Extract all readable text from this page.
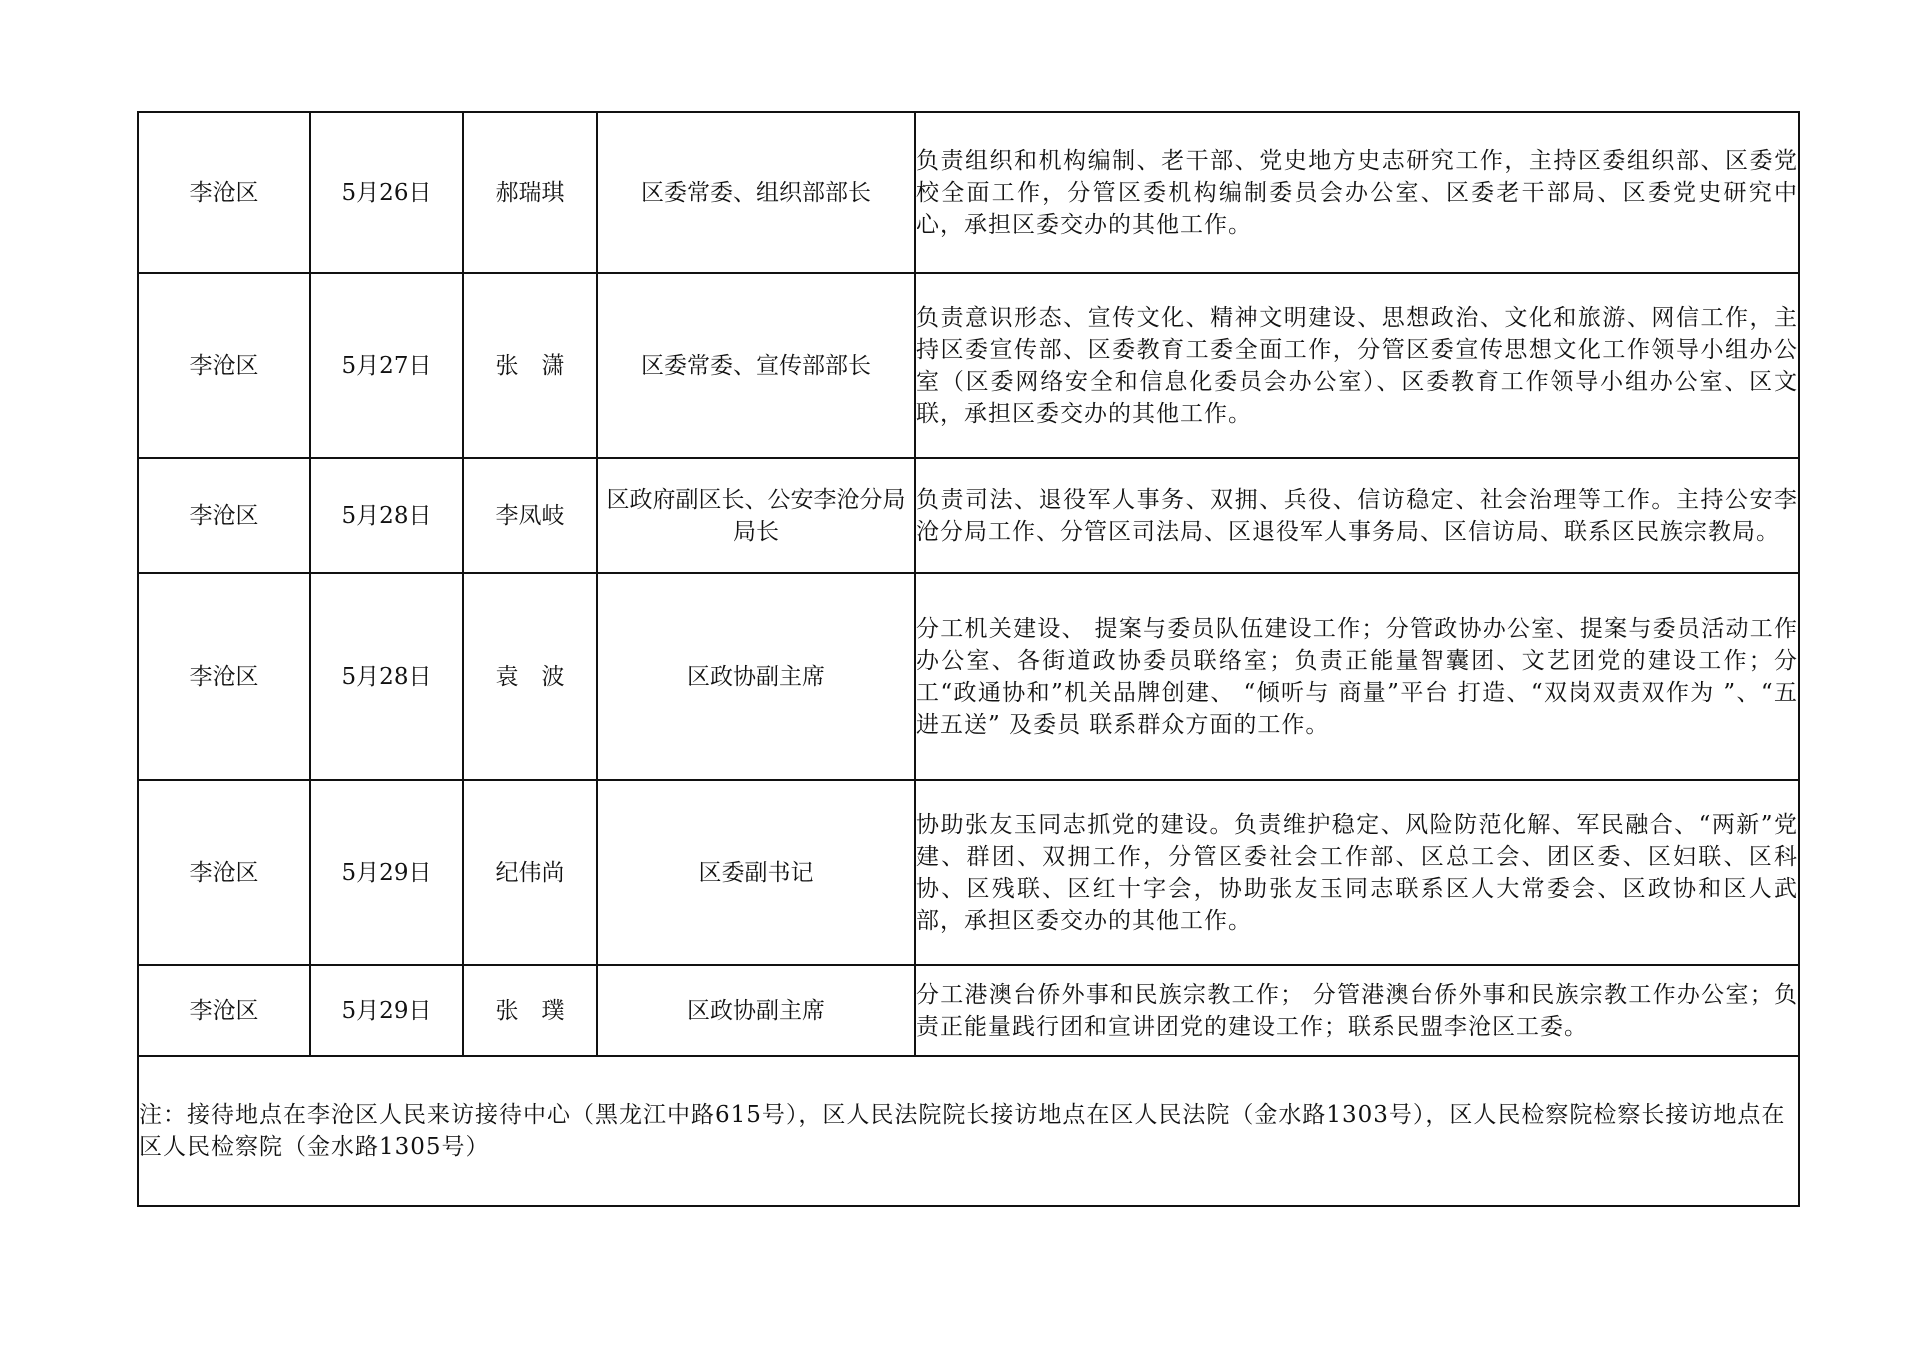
李沧区	5月26日	郝瑞琪	区委常委、组织部部长	负责组织和机构编制、老干部、党史地方史志研究工作，主持区委组织部、区委党校全面工作，分管区委机构编制委员会办公室、区委老干部局、区委党史研究中心，承担区委交办的其他工作。
李沧区	5月27日	张　潇	区委常委、宣传部部长	负责意识形态、宣传文化、精神文明建设、思想政治、文化和旅游、网信工作，主持区委宣传部、区委教育工委全面工作，分管区委宣传思想文化工作领导小组办公室（区委网络安全和信息化委员会办公室）、区委教育工作领导小组办公室、区文联，承担区委交办的其他工作。
李沧区	5月28日	李凤岐	区政府副区长、公安李沧分局局长	负责司法、退役军人事务、双拥、兵役、信访稳定、社会治理等工作。主持公安李沧分局工作、分管区司法局、区退役军人事务局、区信访局、联系区民族宗教局。
李沧区	5月28日	袁　波	区政协副主席	分工机关建设、 提案与委员队伍建设工作；分管政协办公室、提案与委员活动工作办公室、各街道政协委员联络室；负责正能量智囊团、文艺团党的建设工作；分工“政通协和”机关品牌创建、 “倾听与 商量”平台 打造、“双岗双责双作为 ”、“五进五送” 及委员 联系群众方面的工作。
李沧区	5月29日	纪伟尚	区委副书记	协助张友玉同志抓党的建设。负责维护稳定、风险防范化解、军民融合、“两新”党建、群团、双拥工作，分管区委社会工作部、区总工会、团区委、区妇联、区科协、区残联、区红十字会，协助张友玉同志联系区人大常委会、区政协和区人武部，承担区委交办的其他工作。
李沧区	5月29日	张　璞	区政协副主席	分工港澳台侨外事和民族宗教工作； 分管港澳台侨外事和民族宗教工作办公室；负责正能量践行团和宣讲团党的建设工作；联系民盟李沧区工委。
注：接待地点在李沧区人民来访接待中心（黑龙江中路615号），区人民法院院长接访地点在区人民法院（金水路1303号），区人民检察院检察长接访地点在区人民检察院（金水路1305号）				
